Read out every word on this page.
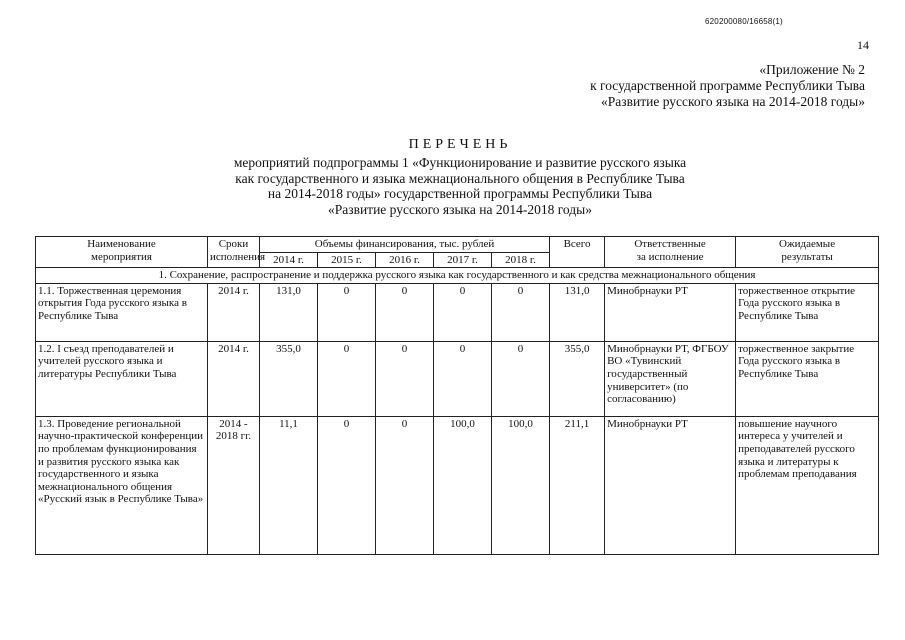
620200080/16658(1)
14
«Приложение № 2
к государственной программе Республики Тыва
«Развитие русского языка на 2014-2018 годы»
ПЕРЕЧЕНЬ
мероприятий подпрограммы 1 «Функционирование и развитие русского языка
как государственного и языка межнационального общения в Республике Тыва
на 2014-2018 годы» государственной программы Республики Тыва
«Развитие русского языка на 2014-2018 годы»
Наименование
мероприятия	Сроки
исполнения	Объемы финансирования, тыс. рублей					Всего	Ответственные
за исполнение	Ожидаемые
результаты
		2014 г.	2015 г.	2016 г.	2017 г.	2018 г.			
1. Сохранение, распространение и поддержка русского языка как государственного и как средства межнационального общения									
1.1. Торжественная церемония открытия Года русского языка в Республике Тыва	2014 г.	131,0	0	0	0	0	131,0	Минобрнауки РТ	торжественное открытие Года русского языка в Республике Тыва
1.2. I съезд преподавателей и учителей русского языка и литературы Республики Тыва	2014 г.	355,0	0	0	0	0	355,0	Минобрнауки РТ, ФГБОУ ВО «Тувинский государственный университет» (по согласованию)	торжественное закрытие Года русского языка в Республике Тыва
1.3. Проведение региональной научно-практической конференции по проблемам функционирования и развития русского языка как государственного и языка межнационального общения «Русский язык в Республике Тыва»	2014 - 2018 гг.	11,1	0	0	100,0	100,0	211,1	Минобрнауки РТ	повышение научного интереса у учителей и преподавателей русского языка и литературы к проблемам преподавания
